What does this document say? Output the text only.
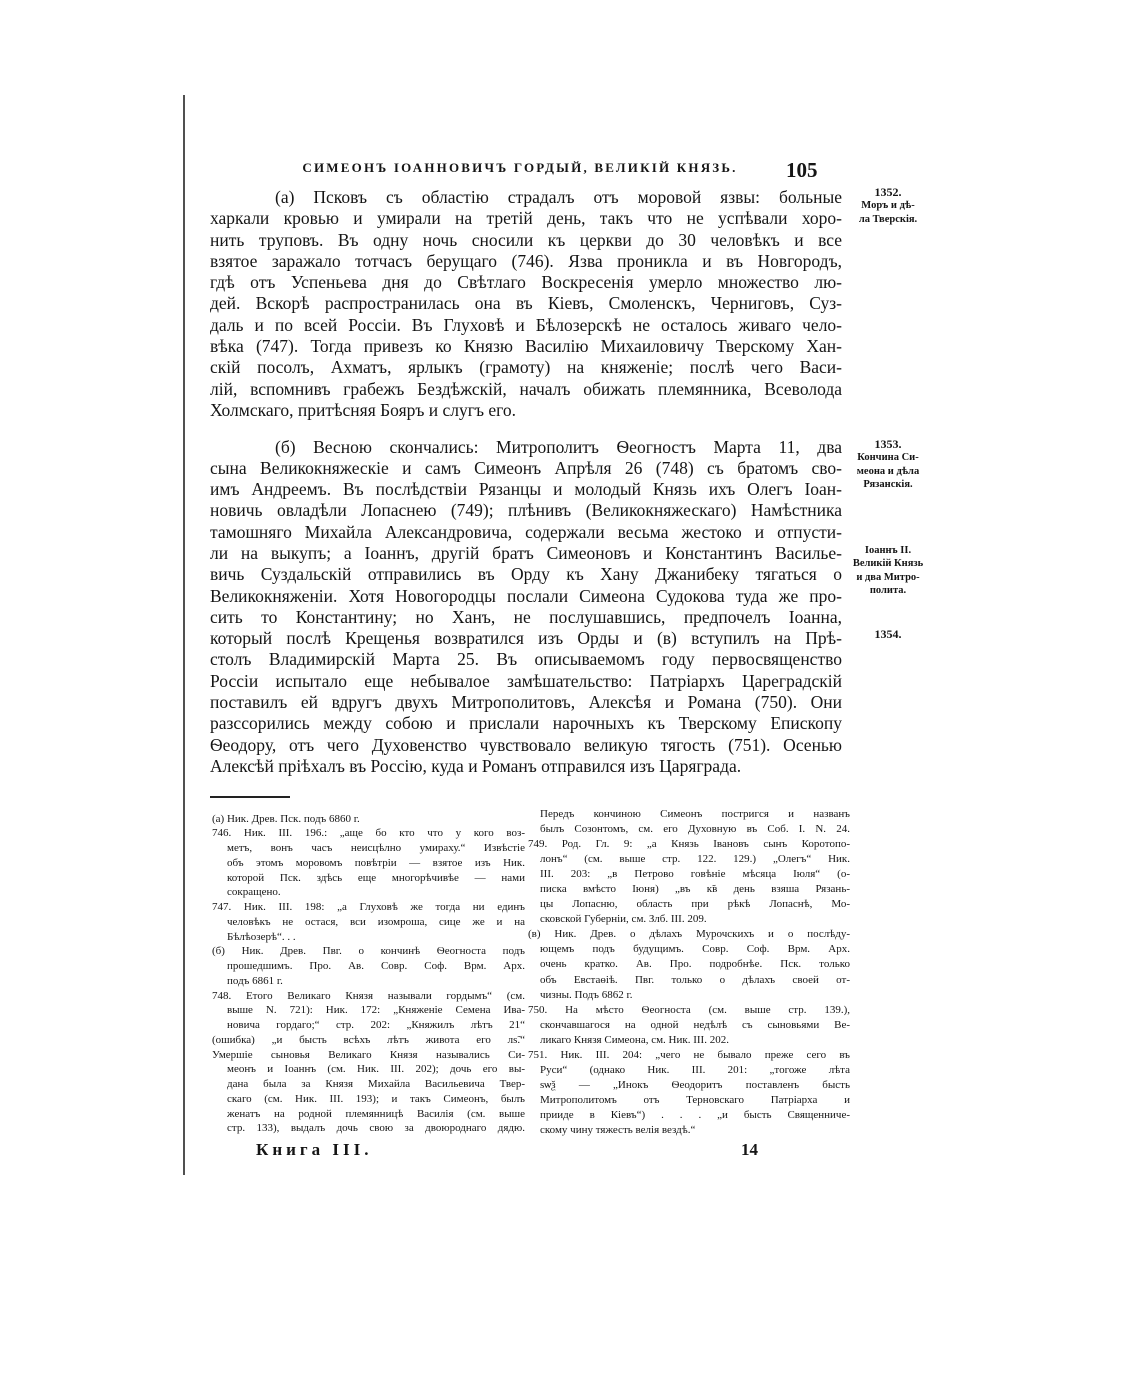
СИМЕОНЪ ІОАННОВИЧЪ ГОРДЫЙ, ВЕЛИКІЙ КНЯЗЬ.	105
(а) Псковъ съ областію страдалъ отъ моровой язвы: больные
харкали кровью и умирали на третій день, такъ что не успѣвали хоро-
нить труповъ. Въ одну ночь сносили къ церкви до 30 человѣкъ и все
взятое заражало тотчасъ берущаго (746). Язва проникла и въ Новгородъ,
гдѣ отъ Успеньева дня до Свѣтлаго Воскресенія умерло множество лю-
дей. Вскорѣ распространилась она въ Кіевъ, Смоленскъ, Черниговъ, Суз-
даль и по всей Россіи. Въ Глуховѣ и Бѣлозерскѣ не осталось живаго чело-
вѣка (747). Тогда привезъ ко Князю Василію Михаиловичу Тверскому Хан-
скій посолъ, Ахматъ, ярлыкъ (грамоту) на княженіе; послѣ чего Васи-
лій, вспомнивъ грабежъ Бездѣжскій, началъ обижать племянника, Всеволода
Холмскаго, притѣсняя Бояръ и слугъ его.
(б) Весною скончались: Митрополитъ Ѳеогностъ Марта 11, два
сына Великокняжескіе и самъ Симеонъ Апрѣля 26 (748) съ братомъ сво-
имъ Андреемъ. Въ послѣдствіи Рязанцы и молодый Князь ихъ Олегъ Іоан-
новичь овладѣли Лопаснею (749); плѣнивъ (Великокняжескаго) Намѣстника
тамошняго Михайла Александровича, содержали весьма жестоко и отпусти-
ли на выкупъ; а Іоаннъ, другій братъ Симеоновъ и Константинъ Василье-
вичь Суздальскій отправились въ Орду къ Хану Джанибеку тягаться о
Великокняженіи. Хотя Новогородцы послали Симеона Судокова туда же про-
сить то Константину; но Ханъ, не послушавшись, предпочелъ Іоанна,
который послѣ Крещенья возвратился изъ Орды и (в) вступилъ на Прѣ-
столъ Владимирскій Марта 25. Въ описываемомъ году первосвященство
Россіи испытало еще небывалое замѣшательство: Патріархъ Цареградскій
поставилъ ей вдругъ двухъ Митрополитовъ, Алексѣя и Романа (750). Они
разссорились между собою и прислали нарочныхъ къ Тверскому Епископу
Ѳеодору, отъ чего Духовенство чувствовало великую тягость (751). Осенью
Алексѣй пріѣхалъ въ Россію, куда и Романъ отправился изъ Царяграда.
1352.
Моръ и дѣ-
ла Тверскія.
1353.
Кончина Си-
меона и дѣла
Рязанскія.
Іоаннъ II.
Великій Князь
и два Митро-
полита.
1354.
(а) Ник. Древ. Пск. подъ 6860 г.
746. Ник. III. 196.: „аще бо кто что у кого воз-
метъ, вонъ часъ неисцѣлно умираху.“ Извѣстіе
объ этомъ моровомъ повѣтріи — взятое изъ Ник.
которой Пск. здѣсь еще многорѣчивѣе — нами
сокращено.
747. Ник. III. 198: „а Глуховѣ же тогда ни единъ
человѣкъ не остася, вси изомроша, сице же и на
Бѣлѣозерѣ“. . .
(б) Ник. Древ. Пвг. о кончинѣ Ѳеогноста подъ
прошедшимъ. Про. Ав. Совр. Соф. Врм. Арх.
подъ 6861 г.
748. Етого Великаго Князя называли гордымъ“ (см.
выше N. 721): Ник. 172: „Княженіе Семена Ива-
новича гордаго;“ стр. 202: „Княжилъ лѣтъ 21“
(ошибка) „и бысть всѣхъ лѣтъ живота его лѕ̃.“
Умершіе сыновья Великаго Князя назывались Си-
меонъ и Іоаннъ (см. Ник. III. 202); дочь его вы-
дана была за Князя Михайла Васильевича Твер-
скаго (см. Ник. III. 193); и такъ Симеонъ, былъ
женатъ на родной племянницѣ Василія (см. выше
стр. 133), выдалъ дочь свою за двоюроднаго дядю.
Передъ кончиною Симеонъ постригся и названъ
былъ Созонтомъ, см. его Духовную въ Соб. I. N. 24.
749. Род. Гл. 9: „а Князь Івановъ сынъ Коротопо-
лонъ“ (см. выше стр. 122. 129.) „Олегъ“ Ник.
III. 203: „в Петрово говѣніе мѣсяца Іюля“ (о-
писка вмѣсто Іюня) „въ к̃в день взяша Рязань-
цы Лопасню, область при рѣкѣ Лопаснѣ, Мо-
сковской Губерніи, см. Злб. III. 209.
(в) Ник. Древ. о дѣлахъ Мурочскихъ и о послѣду-
ющемъ подъ будущимъ. Совр. Соф. Врм. Арх.
очень кратко. Ав. Про. подробнѣе. Пск. только
объ Евстаѳіѣ. Пвг. только о дѣлахъ своей от-
чизны. Подъ 6862 г.
750. На мѣсто Ѳеогноста (см. выше стр. 139.),
скончавшагося на одной недѣлѣ съ сыновьями Ве-
ликаго Князя Симеона, см. Ник. III. 202.
751. Ник. III. 204: „чего не бывало преже сего въ
Руси“ (однако Ник. III. 201: „тогоже лѣта
ѕѡѯ — „Инокъ Ѳеодоритъ поставленъ бысть
Митрополитомъ отъ Терновскаго Патріарха и
прииде в Кіевъ“) . . . „и бысть Священниче-
скому чину тяжесть велія вездѣ.“
Книга III.	14
